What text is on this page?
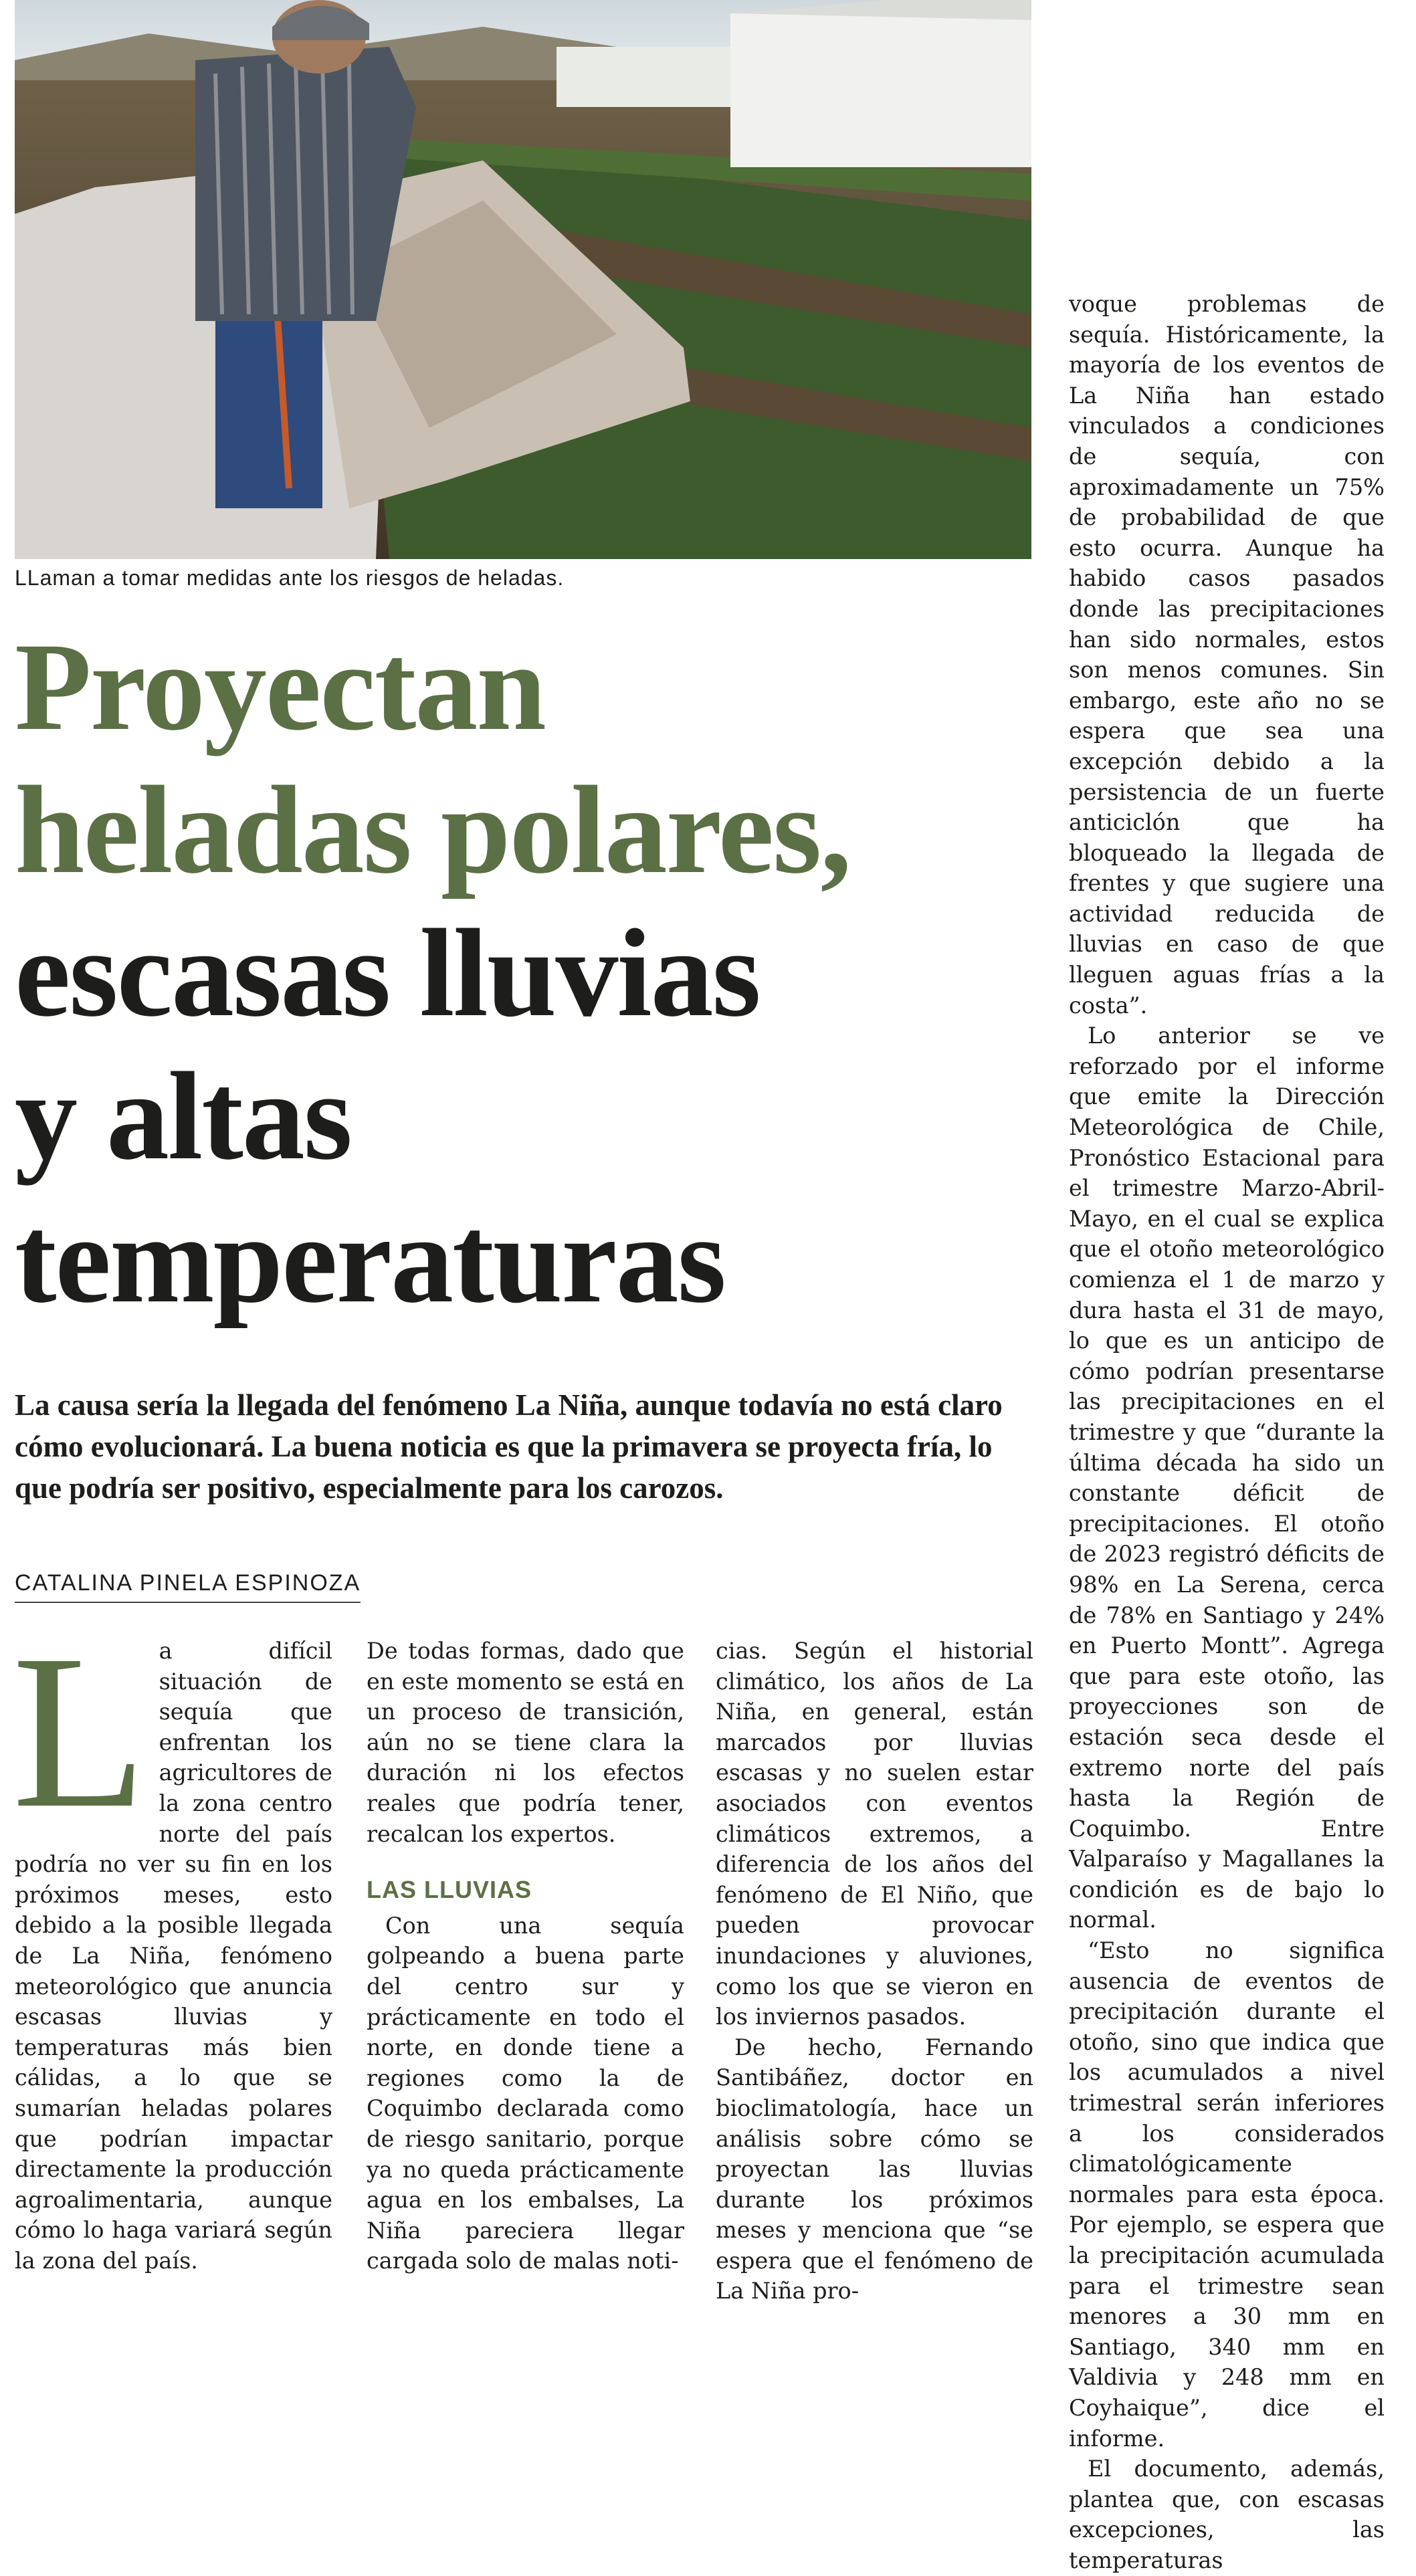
LLaman a tomar medidas ante los riesgos de heladas.
Proyectan
heladas polares,
escasas lluvias
y altas
temperaturas

La causa sería la llegada del fenómeno La Niña, aunque todavía no está claro cómo evolucionará. La buena noticia es que la primavera se proyecta fría, lo que podría ser positivo, especialmente para los carozos.

CATALINA PINELA ESPINOZA
L a difícil situación de sequía que enfrentan los agricultores de la zona centro norte del país podría no ver su fin en los próximos meses, esto debido a la posible llegada de La Niña, fenómeno meteorológico que anuncia escasas lluvias y temperaturas más bien cálidas, a lo que se sumarían heladas polares que podrían impactar directamente la producción agroalimentaria, aunque cómo lo haga variará según la zona del país.

De todas formas, dado que en este momento se está en un proceso de transición, aún no se tiene clara la duración ni los efectos reales que podría tener, recalcan los expertos.

LAS LLUVIAS

Con una sequía golpeando a buena parte del centro sur y prácticamente en todo el norte, en donde tiene a regiones como la de Coquimbo declarada como de riesgo sanitario, porque ya no queda prácticamente agua en los embalses, La Niña pareciera llegar cargada solo de malas noti-

cias. Según el historial climático, los años de La Niña, en general, están marcados por lluvias escasas y no suelen estar asociados con eventos climáticos extremos, a diferencia de los años del fenómeno de El Niño, que pueden provocar inundaciones y aluviones, como los que se vieron en los inviernos pasados.

De hecho, Fernando Santibáñez, doctor en bioclimatología, hace un análisis sobre cómo se proyectan las lluvias durante los próximos meses y menciona que “se espera que el fenómeno de La Niña pro-

voque problemas de sequía. Históricamente, la mayoría de los eventos de La Niña han estado vinculados a condiciones de sequía, con aproximadamente un 75% de probabilidad de que esto ocurra. Aunque ha habido casos pasados donde las precipitaciones han sido normales, estos son menos comunes. Sin embargo, este año no se espera que sea una excepción debido a la persistencia de un fuerte anticiclón que ha bloqueado la llegada de frentes y que sugiere una actividad reducida de lluvias en caso de que lleguen aguas frías a la costa”.

Lo anterior se ve reforzado por el informe que emite la Dirección Meteorológica de Chile, Pronóstico Estacional para el trimestre Marzo-Abril-Mayo, en el cual se explica que el otoño meteorológico comienza el 1 de marzo y dura hasta el 31 de mayo, lo que es un anticipo de cómo podrían presentarse las precipitaciones en el trimestre y que “durante la última década ha sido un constante déficit de precipitaciones. El otoño de 2023 registró déficits de 98% en La Serena, cerca de 78% en Santiago y 24% en Puerto Montt”. Agrega que para este otoño, las proyecciones son de estación seca desde el extremo norte del país hasta la Región de Coquimbo. Entre Valparaíso y Magallanes la condición es de bajo lo normal.

“Esto no significa ausencia de eventos de precipitación durante el otoño, sino que indica que los acumulados a nivel trimestral serán inferiores a los considerados climatológicamente normales para esta época. Por ejemplo, se espera que la precipitación acumulada para el trimestre sean menores a 30 mm en Santiago, 340 mm en Valdivia y 248 mm en Coyhaique”, dice el informe.

El documento, además, plantea que, con escasas excepciones, las temperaturas
